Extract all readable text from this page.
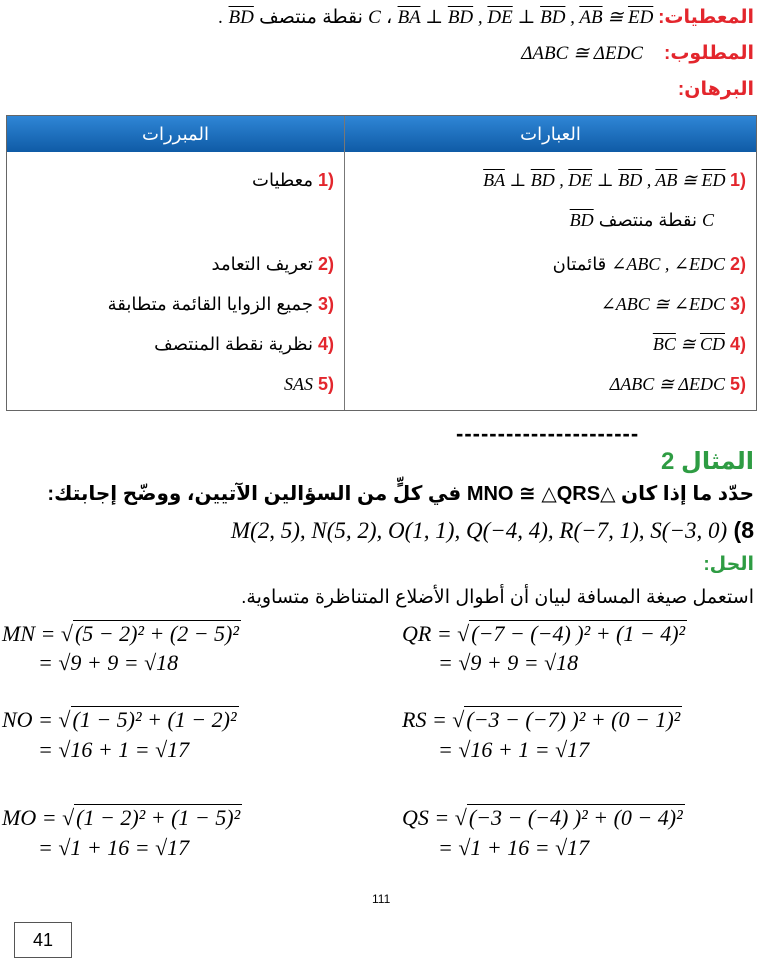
. $\overline{BD}$ نقطة منتصف C ، $\overline{BA}$ ⊥ $\overline{BD}$ , $\overline{DE}$ ⊥ $\overline{BD}$ , $\overline{AB}$ ≅ $\overline{ED}$ المعطيات:
ΔABC ≅ ΔEDC المطلوب:
البرهان:
المبررات	العبارات
$\overline{BA}$ ⊥ $\overline{BD}$ , $\overline{DE}$ ⊥ $\overline{BD}$ , $\overline{AB}$ ≅ $\overline{ED}$ 1)
$\overline{BD}$ نقطة منتصف C
قائمتان ∠ABC , ∠EDC 2)
∠ABC ≅ ∠EDC 3)
$\overline{BC}$ ≅ $\overline{CD}$ 4)
ΔABC ≅ ΔEDC 5)
1) معطيات
2) تعريف التعامد
3) جميع الزوايا القائمة متطابقة
4) نظرية نقطة المنتصف
5) SAS
----------------------
المثال 2
حدّد ما إذا كان △MNO ≅ △QRS في كلٍّ من السؤالين الآتيين، ووضّح إجابتك:
M(2, 5), N(5, 2), O(1, 1), Q(−4, 4), R(−7, 1), S(−3, 0) (8
الحل:
استعمل صيغة المسافة لبيان أن أطوال الأضلاع المتناظرة متساوية.
MN = √(5 − 2)² + (2 − 5)²
= √9 + 9 = √18
NO = √(1 − 5)² + (1 − 2)²
= √16 + 1 = √17
MO = √(1 − 2)² + (1 − 5)²
= √1 + 16 = √17
QR = √(−7 − (−4) )² + (1 − 4)²
= √9 + 9 = √18
RS = √(−3 − (−7) )² + (0 − 1)²
= √16 + 1 = √17
QS = √(−3 − (−4) )² + (0 − 4)²
= √1 + 16 = √17
111
41
